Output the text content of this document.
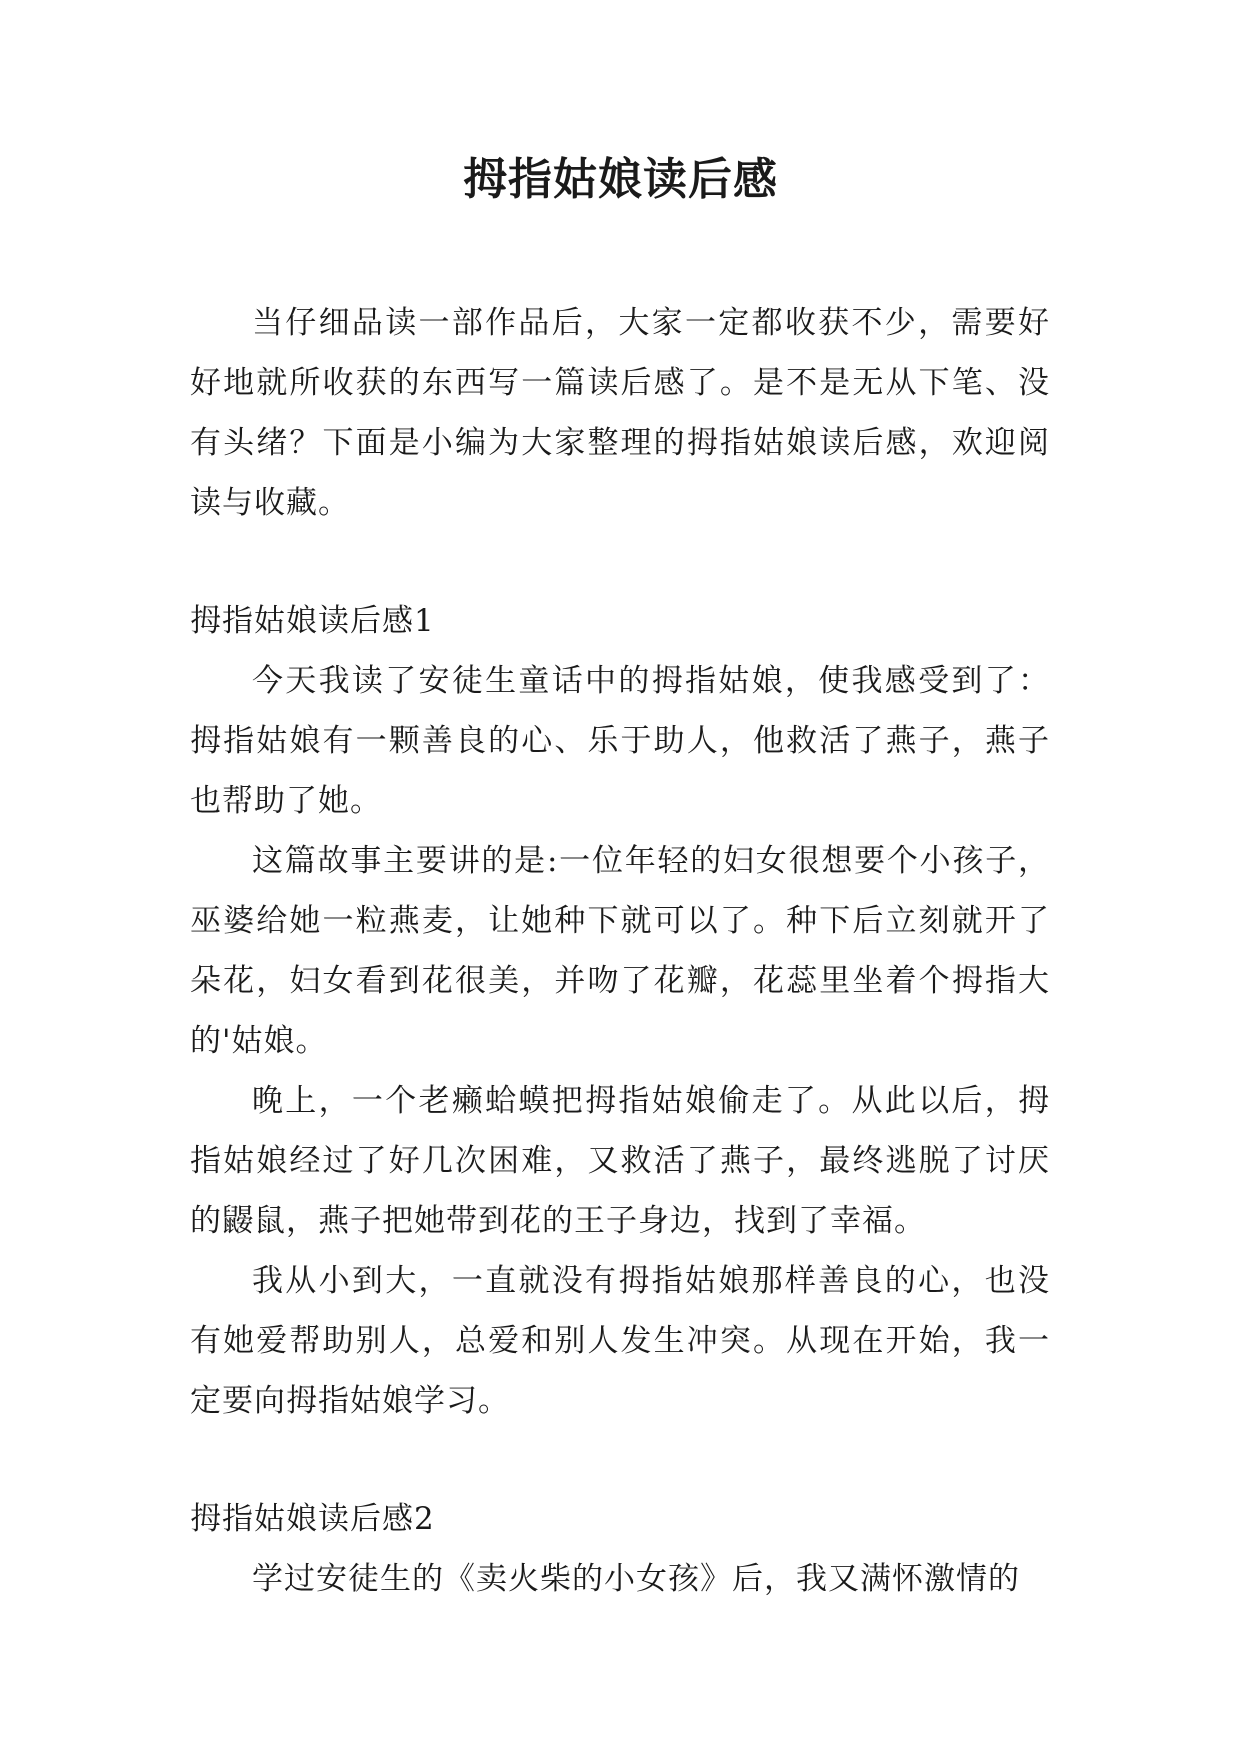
拇指姑娘读后感

当仔细品读一部作品后，大家一定都收获不少，需要好好地就所收获的东西写一篇读后感了。是不是无从下笔、没有头绪？下面是小编为大家整理的拇指姑娘读后感，欢迎阅读与收藏。

拇指姑娘读后感1

今天我读了安徒生童话中的拇指姑娘，使我感受到了：拇指姑娘有一颗善良的心、乐于助人，他救活了燕子，燕子也帮助了她。

这篇故事主要讲的是:一位年轻的妇女很想要个小孩子，巫婆给她一粒燕麦，让她种下就可以了。种下后立刻就开了朵花，妇女看到花很美，并吻了花瓣，花蕊里坐着个拇指大的'姑娘。

晚上，一个老癞蛤蟆把拇指姑娘偷走了。从此以后，拇指姑娘经过了好几次困难，又救活了燕子，最终逃脱了讨厌的鼹鼠，燕子把她带到花的王子身边，找到了幸福。

我从小到大，一直就没有拇指姑娘那样善良的心，也没有她爱帮助别人，总爱和别人发生冲突。从现在开始，我一定要向拇指姑娘学习。

拇指姑娘读后感2

学过安徒生的《卖火柴的小女孩》后，我又满怀激情的
